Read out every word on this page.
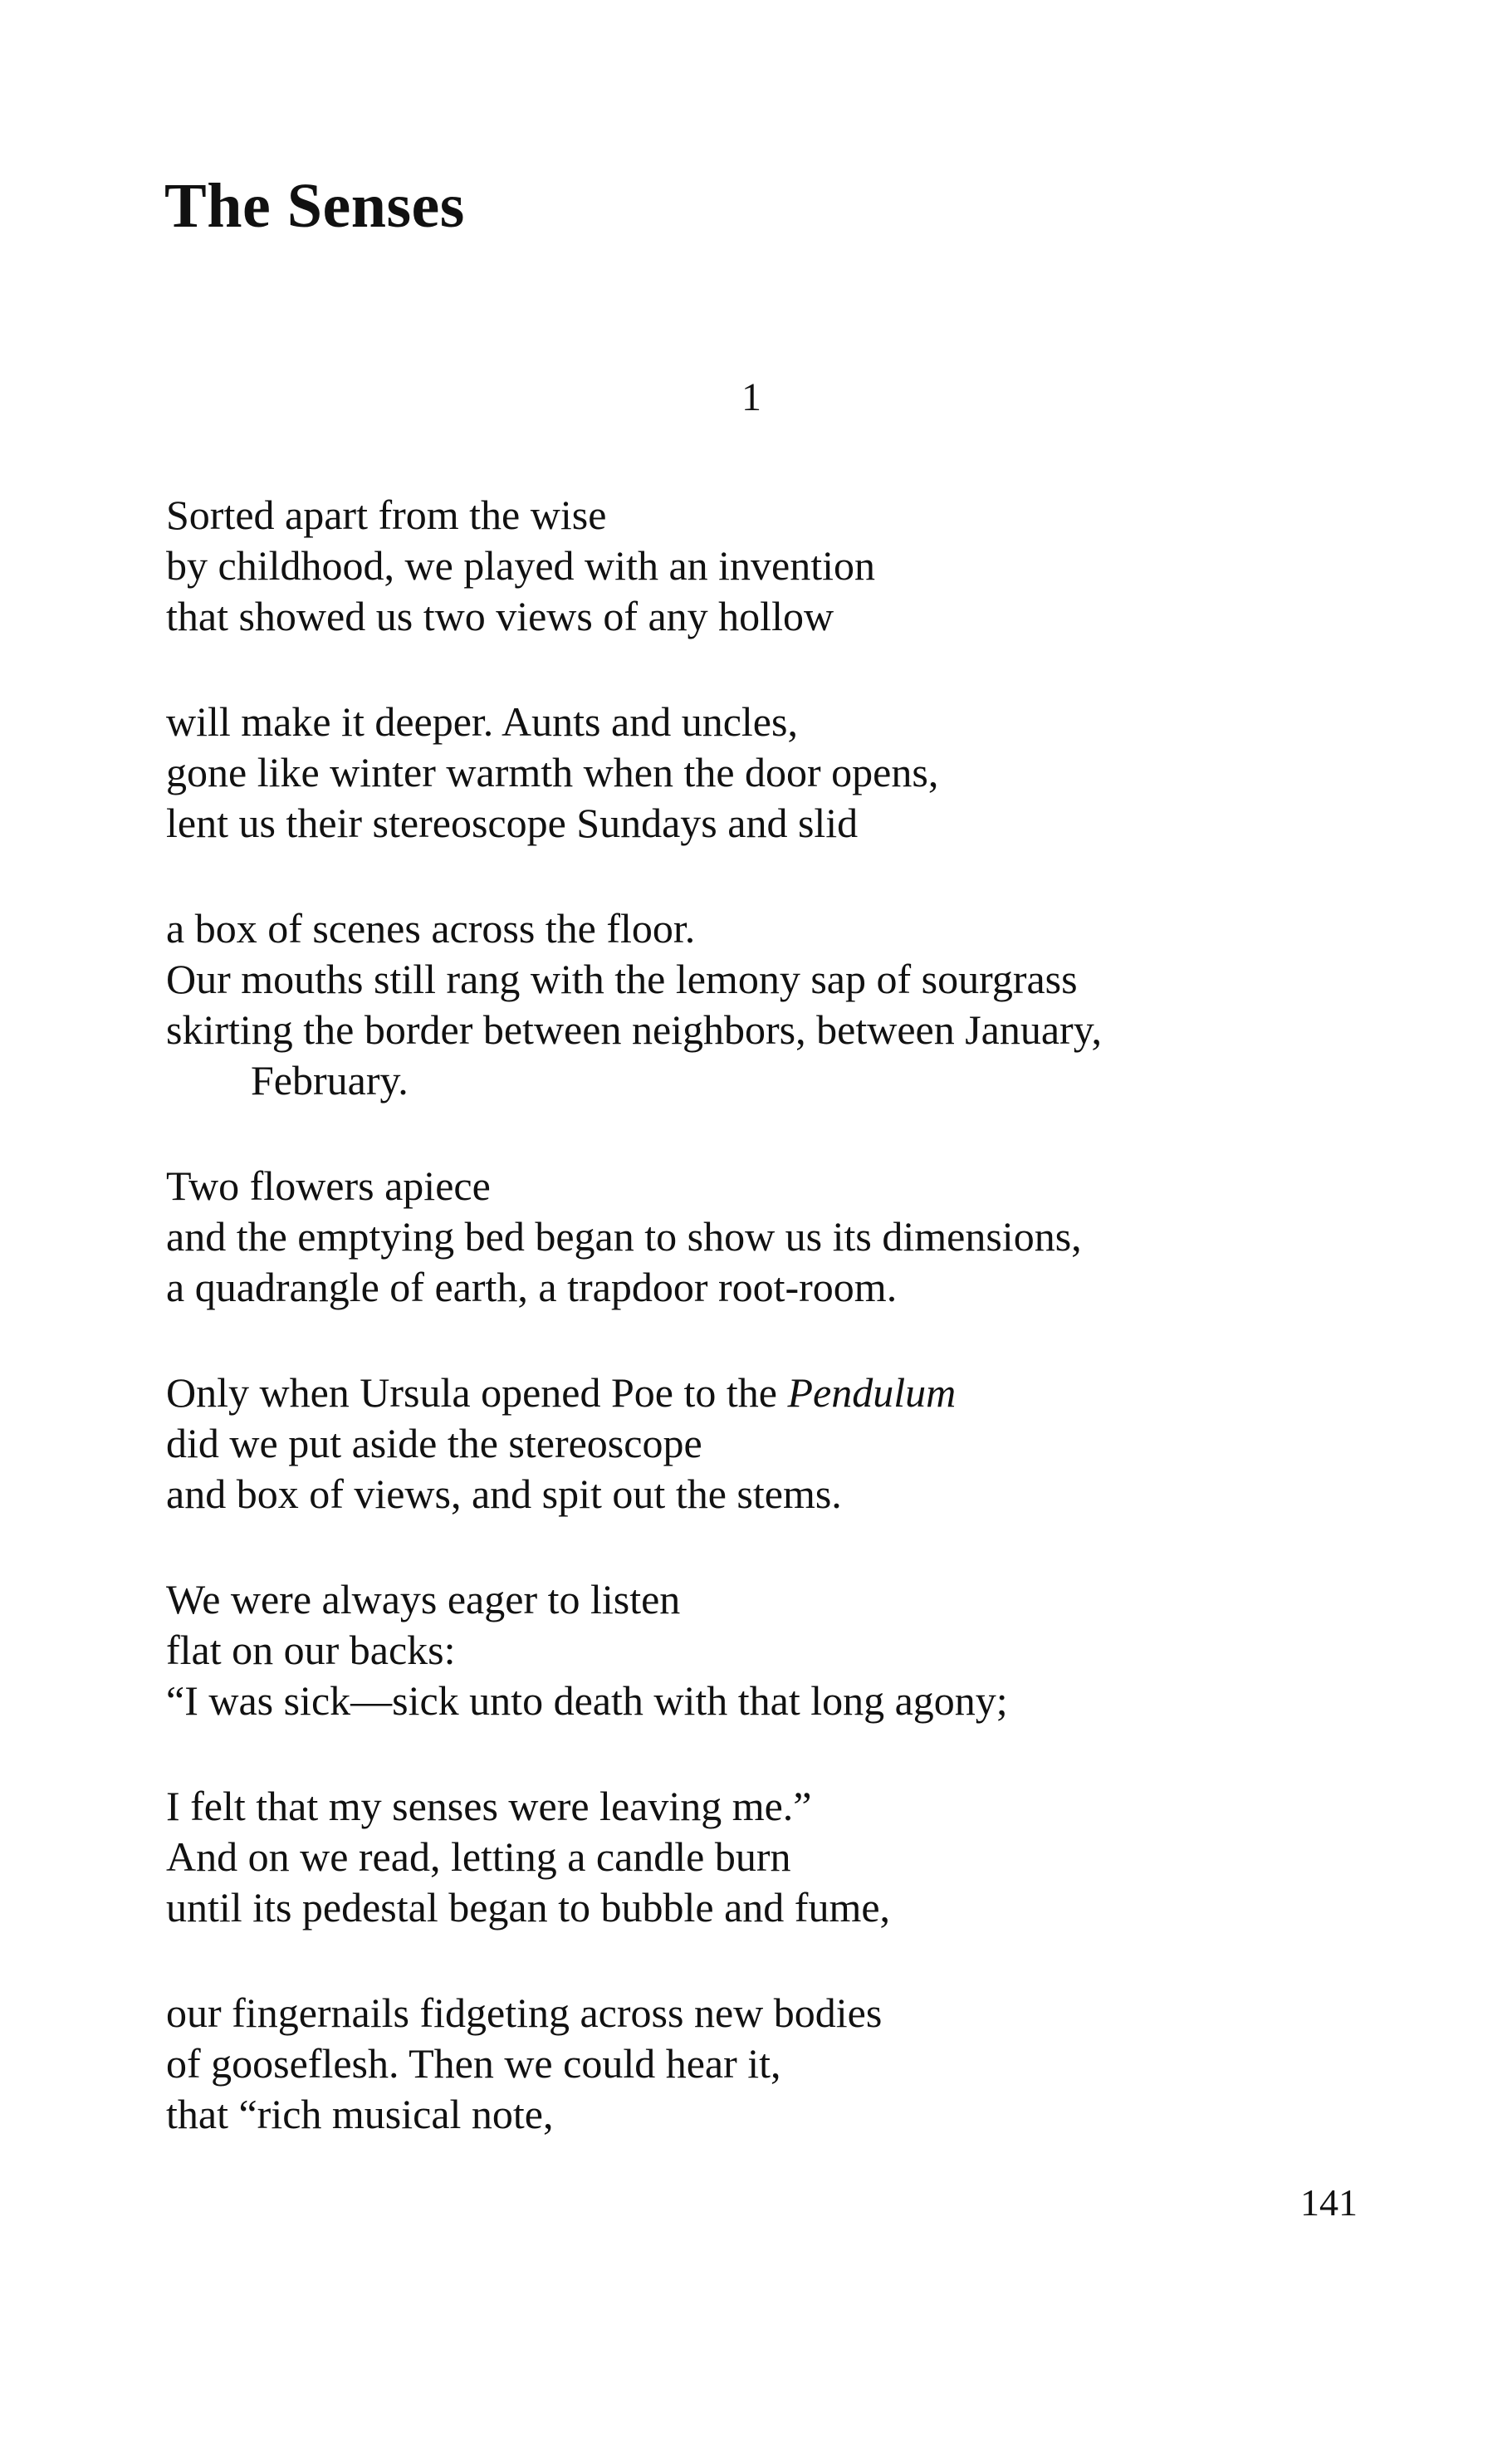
The Senses
1
Sorted apart from the wise
by childhood, we played with an invention
that showed us two views of any hollow
will make it deeper. Aunts and uncles,
gone like winter warmth when the door opens,
lent us their stereoscope Sundays and slid
a box of scenes across the floor.
Our mouths still rang with the lemony sap of sourgrass
skirting the border between neighbors, between January,
February.
Two flowers apiece
and the emptying bed began to show us its dimensions,
a quadrangle of earth, a trapdoor root-room.
Only when Ursula opened Poe to the Pendulum
did we put aside the stereoscope
and box of views, and spit out the stems.
We were always eager to listen
flat on our backs:
“I was sick—sick unto death with that long agony;
I felt that my senses were leaving me.”
And on we read, letting a candle burn
until its pedestal began to bubble and fume,
our fingernails fidgeting across new bodies
of gooseflesh. Then we could hear it,
that “rich musical note,
141
